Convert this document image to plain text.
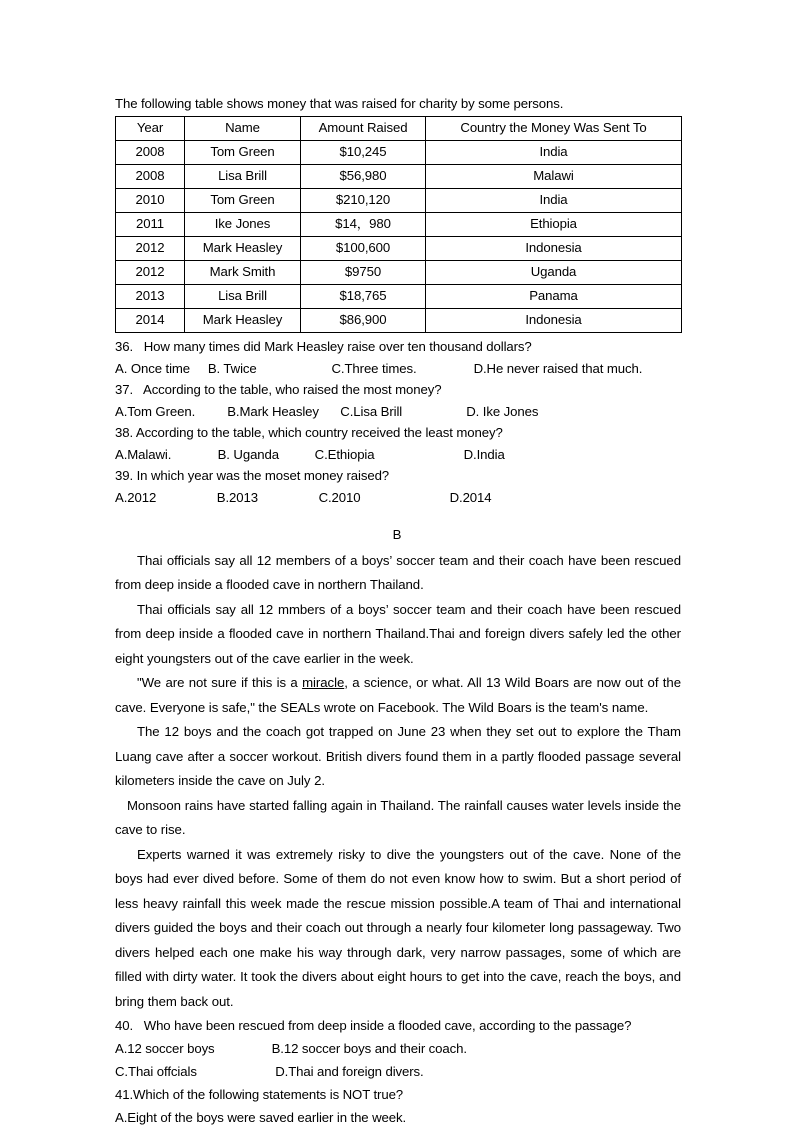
The following table shows money that was raised for charity by some persons.

Year	Name	Amount Raised	Country the Money Was Sent To
2008	Tom Green	$10,245	India
2008	Lisa Brill	$56,980	Malawi
2010	Tom Green	$210,120	India
2011	Ike Jones	$14，980	Ethiopia
2012	Mark Heasley	$100,600	Indonesia
2012	Mark Smith	$9750	Uganda
2013	Lisa Brill	$18,765	Panama
2014	Mark Heasley	$86,900	Indonesia

36.   How many times did Mark Heasley raise over ten thousand dollars?

A. Once time     B. Twice                     C.Three times.                D.He never raised that much.

37.   According to the table, who raised the most money?

A.Tom Green.         B.Mark Heasley      C.Lisa Brill                  D. Ike Jones

38. According to the table, which country received the least money?

A.Malawi.             B. Uganda          C.Ethiopia                         D.India

39. In which year was the moset money raised?

A.2012                 B.2013                 C.2010                         D.2014

B

Thai officials say all 12 members of a boys’ soccer team and their coach have been rescued from deep inside a flooded cave in northern Thailand.

Thai officials say all 12 mmbers of a boys’ soccer team and their coach have been rescued from deep inside a flooded cave in northern Thailand.Thai and foreign divers safely led the other eight youngsters out of the cave earlier in the week.

"We are not sure if this is a miracle, a science, or what. All 13 Wild Boars are now out of the cave. Everyone is safe," the SEALs wrote on Facebook. The Wild Boars is the team's name.

The 12 boys and the coach got trapped on June 23 when they set out to explore the Tham Luang cave after a soccer workout. British divers found them in a partly flooded passage several kilometers inside the cave on July 2.

Monsoon rains have started falling again in Thailand. The rainfall causes water levels inside the cave to rise.

Experts warned it was extremely risky to dive the youngsters out of the cave. None of the boys had ever dived before. Some of them do not even know how to swim. But a short period of less heavy rainfall this week made the rescue mission possible.A team of Thai and international divers guided the boys and their coach out through a nearly four kilometer long passageway. Two divers helped each one make his way through dark, very narrow passages, some of which are filled with dirty water. It took the divers about eight hours to get into the cave, reach the boys, and bring them back out.

40.   Who have been rescued from deep inside a flooded cave, according to the passage?

A.12 soccer boys                B.12 soccer boys and their coach.

C.Thai offcials                      D.Thai and foreign divers.

41.Which of the following statements is NOT true?

A.Eight of the boys were saved earlier in the week.
